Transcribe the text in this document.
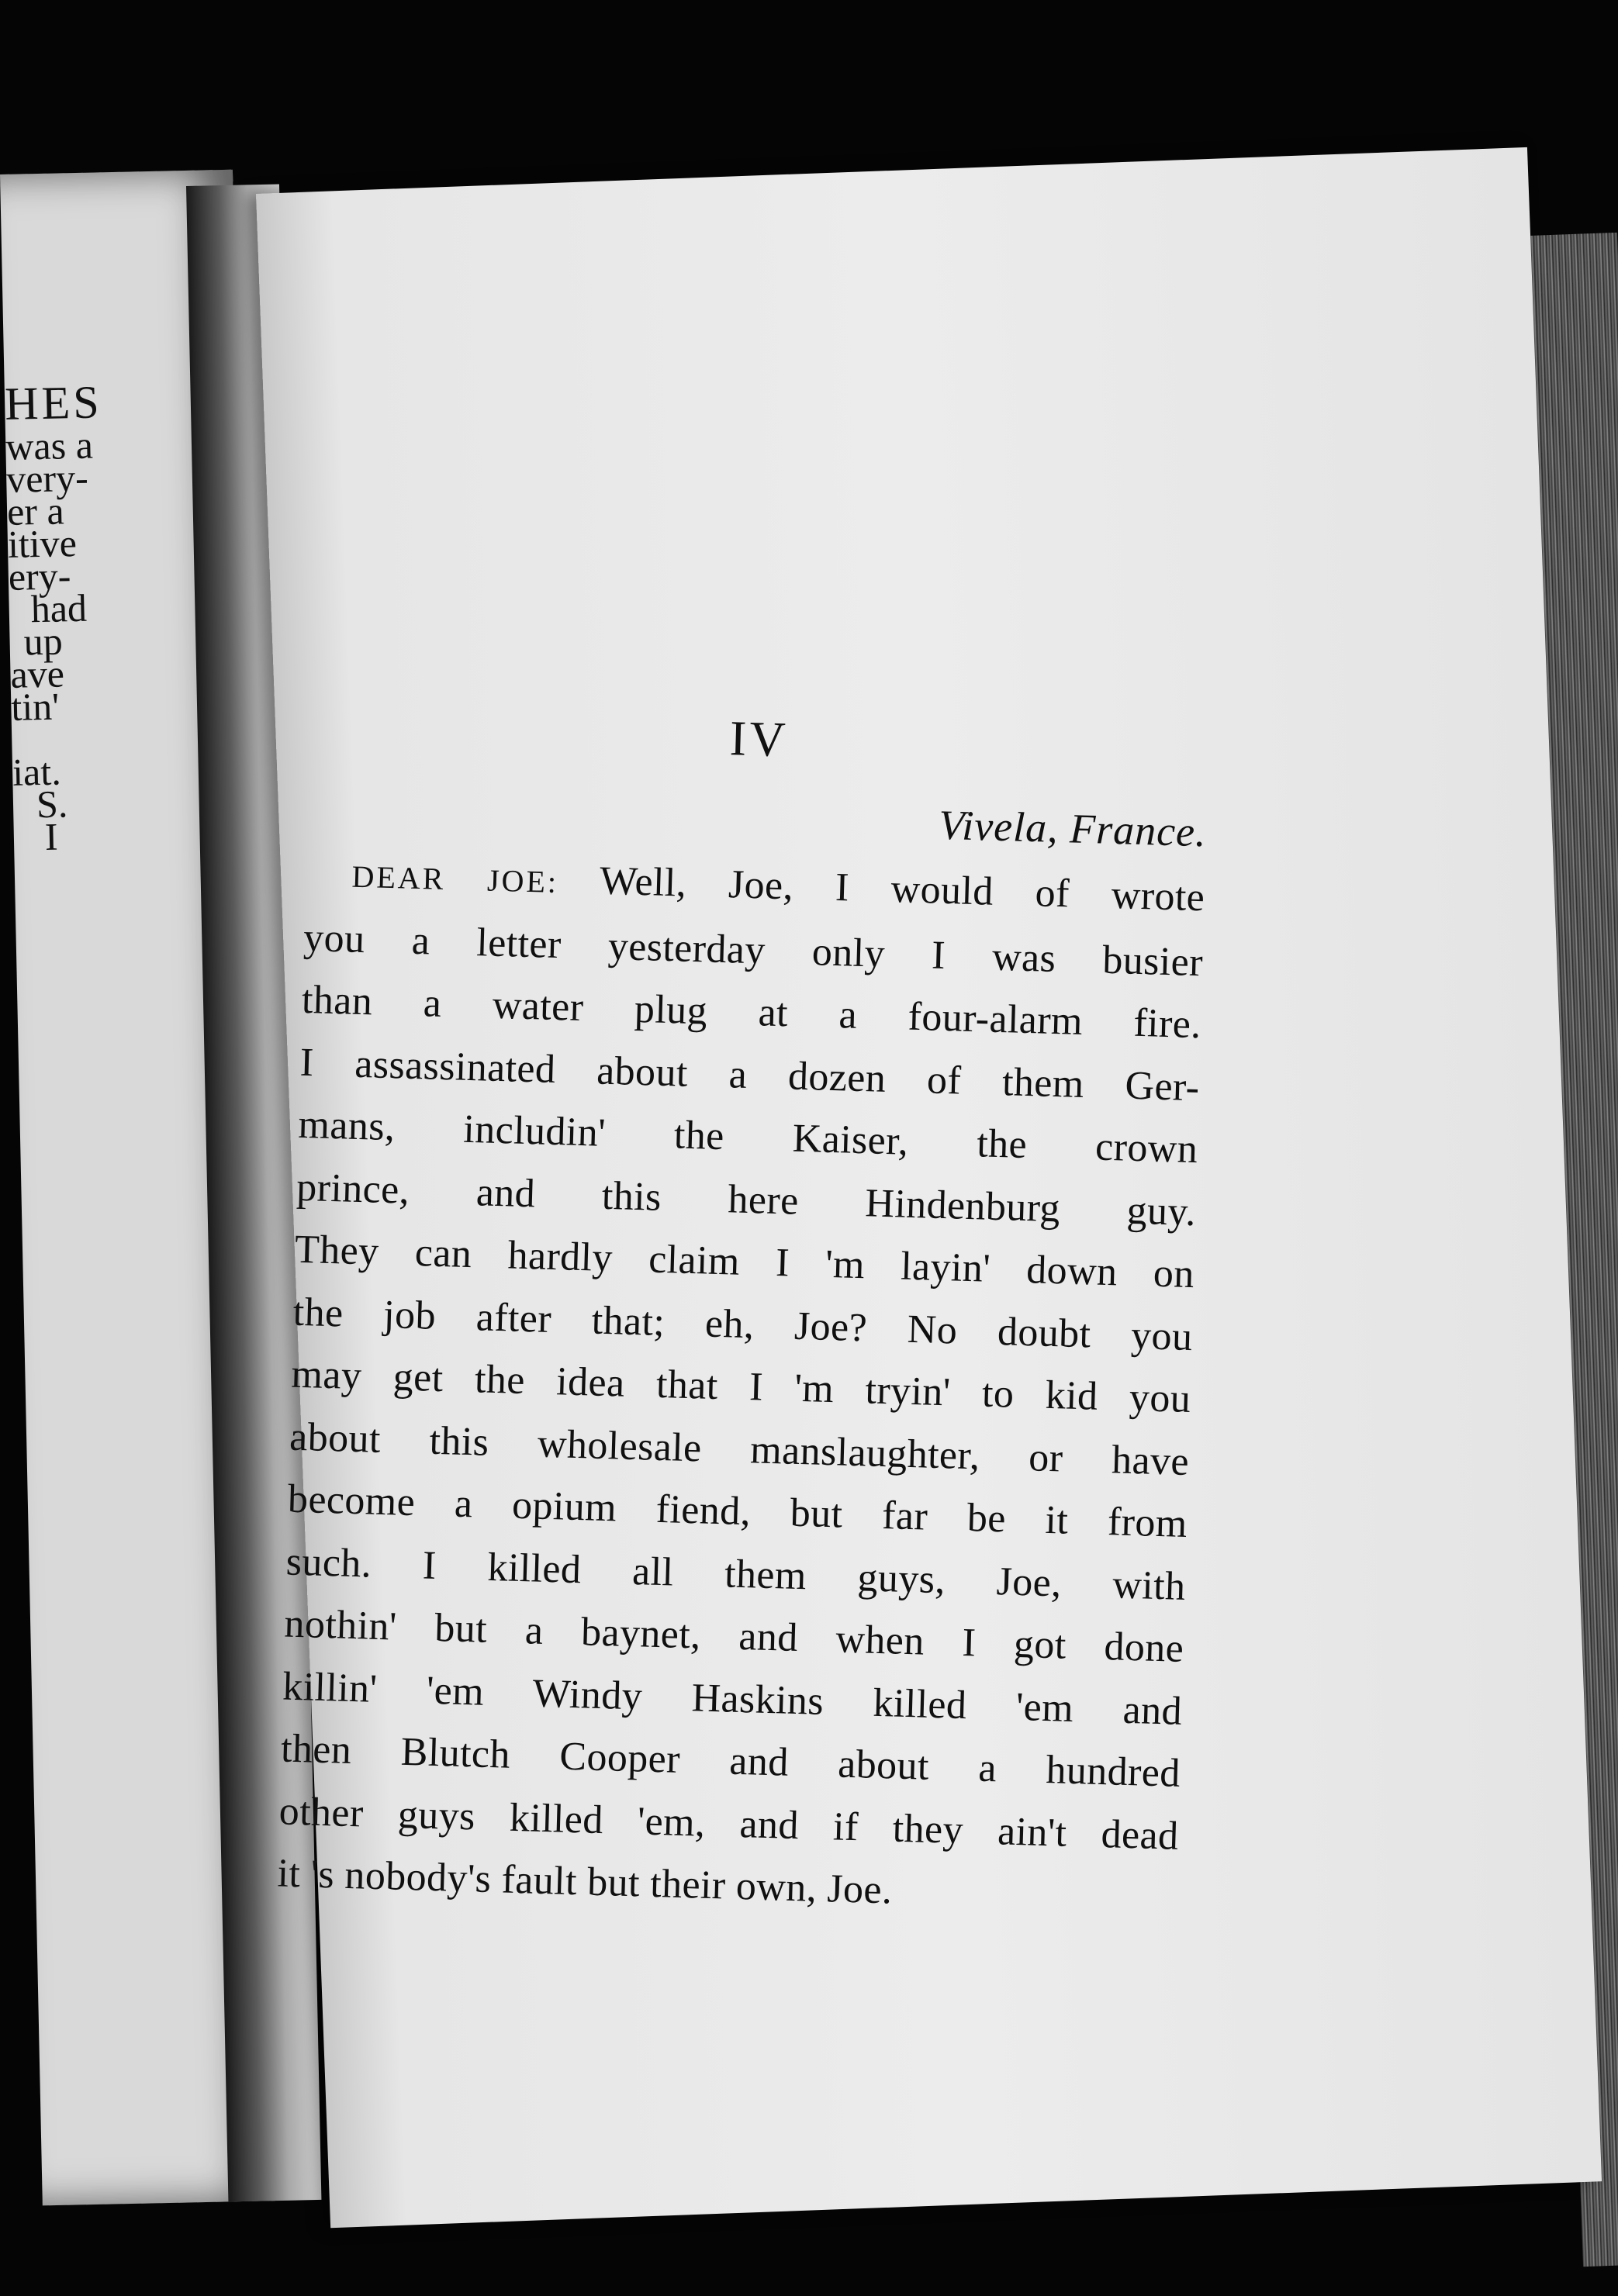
HES
was a
very-
er a
itive
ery-
had
up
ave
tin'
iat.
S.
I
IV

Vivela, France.

DEAR JOE: Well, Joe, I would of wrote

you a letter yesterday only I was busier

than a water plug at a four-alarm fire.

I assassinated about a dozen of them Ger-

mans, includin' the Kaiser, the crown

prince, and this here Hindenburg guy.

They can hardly claim I 'm layin' down on

the job after that; eh, Joe? No doubt you

may get the idea that I 'm tryin' to kid you

about this wholesale manslaughter, or have

become a opium fiend, but far be it from

such. I killed all them guys, Joe, with

nothin' but a baynet, and when I got done

killin' 'em Windy Haskins killed 'em and

then Blutch Cooper and about a hundred

other guys killed 'em, and if they ain't dead

it 's nobody's fault but their own, Joe.
